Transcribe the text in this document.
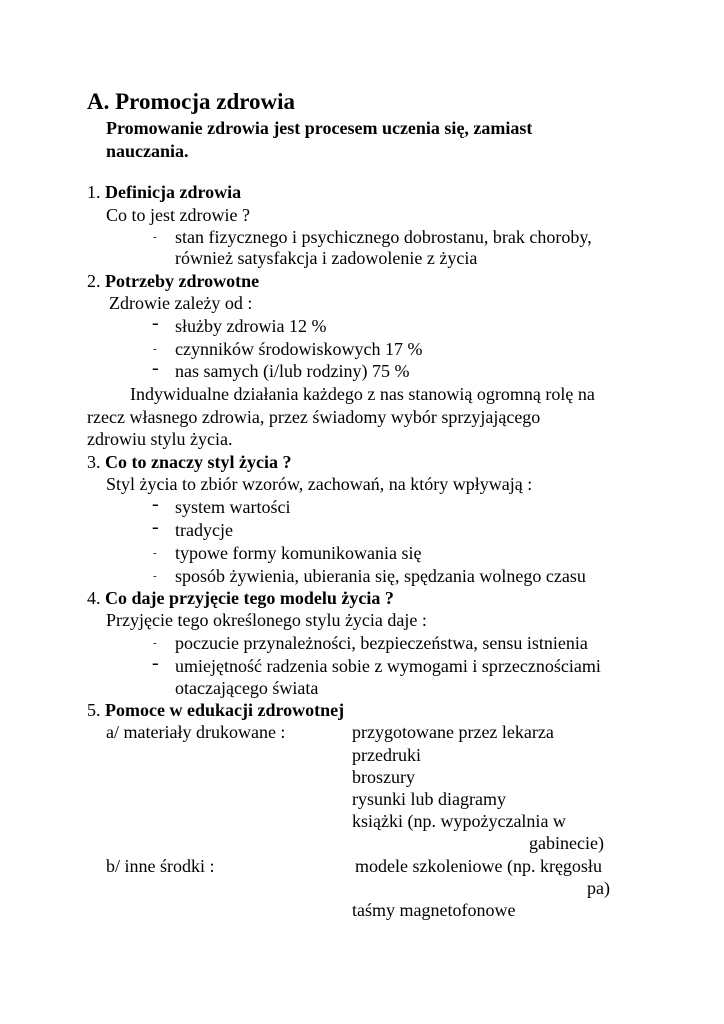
A. Promocja zdrowia
Promowanie zdrowia jest procesem uczenia się, zamiast
nauczania.
1. Definicja zdrowia
Co to jest zdrowie ?
- stan fizycznego i psychicznego dobrostanu, brak choroby,
również satysfakcja i zadowolenie z życia
2. Potrzeby zdrowotne
Zdrowie zależy od :
- służby zdrowia 12 %
- czynników środowiskowych 17 %
- nas samych (i/lub rodziny) 75 %
Indywidualne działania każdego z nas stanowią ogromną rolę na
rzecz własnego zdrowia, przez świadomy wybór sprzyjającego
zdrowiu stylu życia.
3. Co to znaczy styl życia ?
Styl życia to zbiór wzorów, zachowań, na który wpływają :
- system wartości
- tradycje
- typowe formy komunikowania się
- sposób żywienia, ubierania się, spędzania wolnego czasu
4. Co daje przyjęcie tego modelu życia ?
Przyjęcie tego określonego stylu życia daje :
- poczucie przynależności, bezpieczeństwa, sensu istnienia
- umiejętność radzenia sobie z wymogami i sprzecznościami
otaczającego świata
5. Pomoce w edukacji zdrowotnej
a/ materiały drukowane :	przygotowane przez lekarza
przedruki
broszury
rysunki lub diagramy
książki (np. wypożyczalnia w
gabinecie)
b/ inne środki :	modele szkoleniowe (np. kręgosłu
pa)
taśmy magnetofonowe
